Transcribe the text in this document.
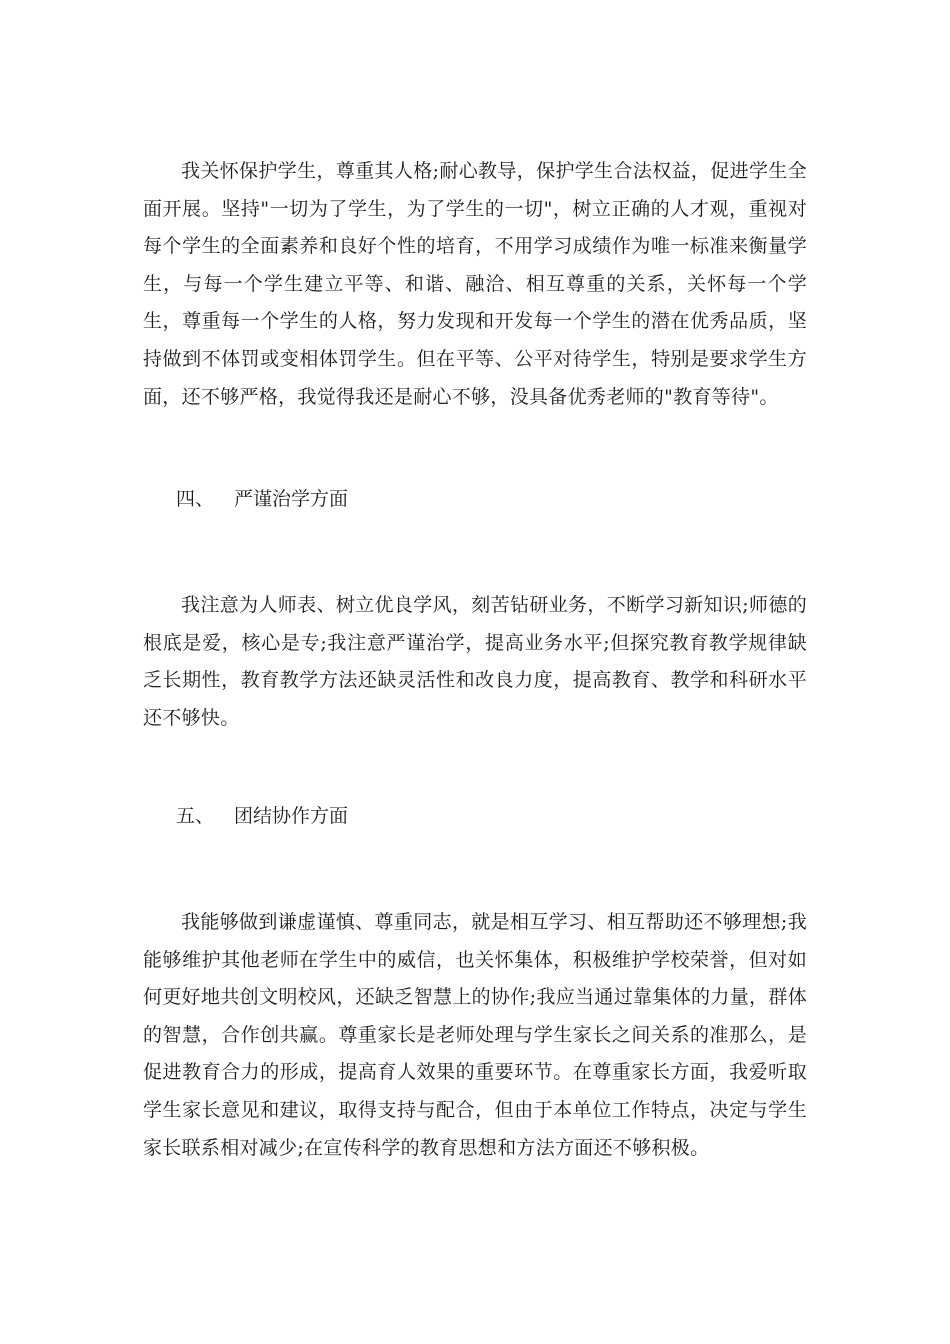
我关怀保护学生，尊重其人格;耐心教导，保护学生合法权益，促进学生全面开展。坚持"一切为了学生，为了学生的一切"，树立正确的人才观，重视对每个学生的全面素养和良好个性的培育，不用学习成绩作为唯一标准来衡量学生，与每一个学生建立平等、和谐、融洽、相互尊重的关系，关怀每一个学生，尊重每一个学生的人格，努力发现和开发每一个学生的潜在优秀品质，坚持做到不体罚或变相体罚学生。但在平等、公平对待学生，特别是要求学生方面，还不够严格，我觉得我还是耐心不够，没具备优秀老师的"教育等待"。

四、 严谨治学方面

我注意为人师表、树立优良学风，刻苦钻研业务，不断学习新知识;师德的根底是爱，核心是专;我注意严谨治学，提高业务水平;但探究教育教学规律缺乏长期性，教育教学方法还缺灵活性和改良力度，提高教育、教学和科研水平还不够快。

五、 团结协作方面

我能够做到谦虚谨慎、尊重同志，就是相互学习、相互帮助还不够理想;我能够维护其他老师在学生中的威信，也关怀集体，积极维护学校荣誉，但对如何更好地共创文明校风，还缺乏智慧上的协作;我应当通过靠集体的力量，群体的智慧，合作创共赢。尊重家长是老师处理与学生家长之间关系的准那么，是促进教育合力的形成，提高育人效果的重要环节。在尊重家长方面，我爱听取学生家长意见和建议，取得支持与配合，但由于本单位工作特点，决定与学生家长联系相对减少;在宣传科学的教育思想和方法方面还不够积极。
